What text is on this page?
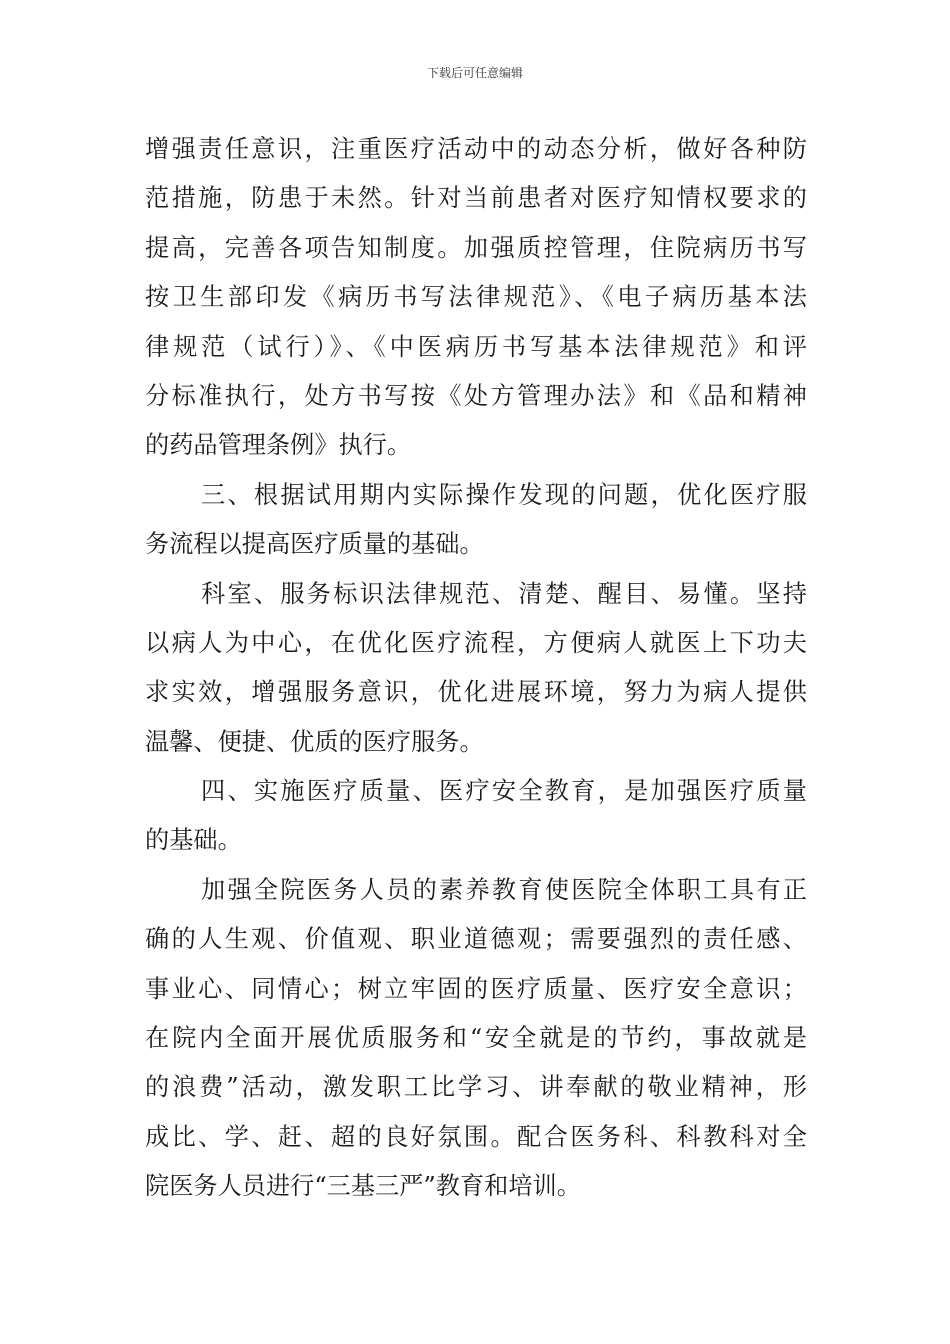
下载后可任意编辑
增强责任意识，注重医疗活动中的动态分析，做好各种防
范措施，防患于未然。针对当前患者对医疗知情权要求的
提高，完善各项告知制度。加强质控管理，住院病历书写
按卫生部印发《病历书写法律规范》、《电子病历基本法
律规范（试行）》、《中医病历书写基本法律规范》和评
分标准执行，处方书写按《处方管理办法》和《品和精神
的药品管理条例》执行。
三、根据试用期内实际操作发现的问题，优化医疗服
务流程以提高医疗质量的基础。
科室、服务标识法律规范、清楚、醒目、易懂。坚持
以病人为中心，在优化医疗流程，方便病人就医上下功夫
求实效，增强服务意识，优化进展环境，努力为病人提供
温馨、便捷、优质的医疗服务。
四、实施医疗质量、医疗安全教育，是加强医疗质量
的基础。
加强全院医务人员的素养教育使医院全体职工具有正
确的人生观、价值观、职业道德观；需要强烈的责任感、
事业心、同情心；树立牢固的医疗质量、医疗安全意识；
在院内全面开展优质服务和“安全就是的节约，事故就是
的浪费”活动，激发职工比学习、讲奉献的敬业精神，形
成比、学、赶、超的良好氛围。配合医务科、科教科对全
院医务人员进行“三基三严”教育和培训。
